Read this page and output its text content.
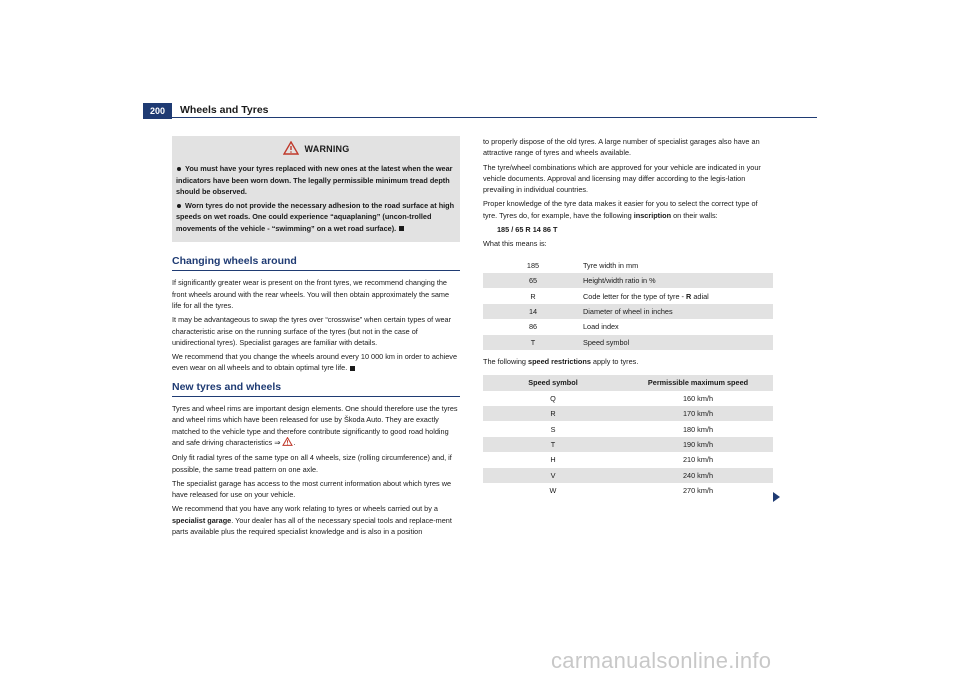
200	Wheels and Tyres
WARNING

You must have your tyres replaced with new ones at the latest when the wear indicators have been worn down. The legally permissible minimum tread depth should be observed.

Worn tyres do not provide the necessary adhesion to the road surface at high speeds on wet roads. One could experience “aquaplaning” (uncon-trolled movements of the vehicle - “swimming” on a wet road surface).

Changing wheels around

If significantly greater wear is present on the front tyres, we recommend changing the front wheels around with the rear wheels. You will then obtain approximately the same life for all the tyres.

It may be advantageous to swap the tyres over “crosswise” when certain types of wear characteristic arise on the running surface of the tyres (but not in the case of unidirectional tyres). Specialist garages are familiar with details.

We recommend that you change the wheels around every 10 000 km in order to achieve even wear on all wheels and to obtain optimal tyre life.

New tyres and wheels

Tyres and wheel rims are important design elements. One should therefore use the tyres and wheel rims which have been released for use by Škoda Auto. They are exactly matched to the vehicle type and therefore contribute significantly to good road holding and safe driving characteristics ⇒ .

Only fit radial tyres of the same type on all 4 wheels, size (rolling circumference) and, if possible, the same tread pattern on one axle.

The specialist garage has access to the most current information about which tyres we have released for use on your vehicle.

We recommend that you have any work relating to tyres or wheels carried out by a specialist garage. Your dealer has all of the necessary special tools and replace-ment parts available plus the required specialist knowledge and is also in a position

to properly dispose of the old tyres. A large number of specialist garages also have an attractive range of tyres and wheels available.

The tyre/wheel combinations which are approved for your vehicle are indicated in your vehicle documents. Approval and licensing may differ according to the legis-lation prevailing in individual countries.

Proper knowledge of the tyre data makes it easier for you to select the correct type of tyre. Tyres do, for example, have the following inscription on their walls:

185 / 65 R 14 86 T

What this means is:

185	Tyre width in mm
65	Height/width ratio in %
R	Code letter for the type of tyre - R adial
14	Diameter of wheel in inches
86	Load index
T	Speed symbol

The following speed restrictions apply to tyres.

Speed symbol	Permissible maximum speed
Q	160 km/h
R	170 km/h
S	180 km/h
T	190 km/h
H	210 km/h
V	240 km/h
W	270 km/h
carmanualsonline.info
